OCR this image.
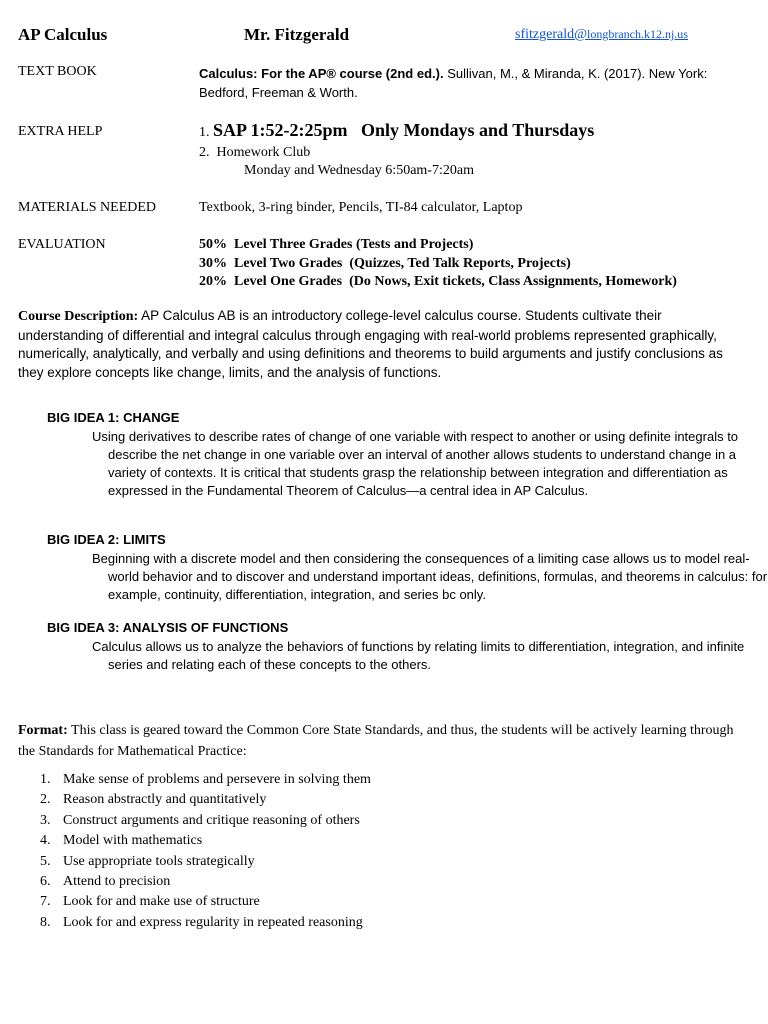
AP Calculus	Mr. Fitzgerald	sfitzgerald@longbranch.k12.nj.us
TEXT BOOK	Calculus: For the AP® course (2nd ed.). Sullivan, M., & Miranda, K. (2017). New York: Bedford, Freeman & Worth.
EXTRA HELP	1. SAP 1:52-2:25pm   Only Mondays and Thursdays
2.  Homework Club
Monday and Wednesday 6:50am-7:20am
MATERIALS NEEDED	Textbook, 3-ring binder, Pencils, TI-84 calculator, Laptop
EVALUATION	50%  Level Three Grades (Tests and Projects)
30%  Level Two Grades  (Quizzes, Ted Talk Reports, Projects)
20%  Level One Grades  (Do Nows, Exit tickets, Class Assignments, Homework)
Course Description: AP Calculus AB is an introductory college-level calculus course. Students cultivate their understanding of differential and integral calculus through engaging with real-world problems represented graphically, numerically, analytically, and verbally and using definitions and theorems to build arguments and justify conclusions as they explore concepts like change, limits, and the analysis of functions.
BIG IDEA 1: CHANGE
Using derivatives to describe rates of change of one variable with respect to another or using definite integrals to describe the net change in one variable over an interval of another allows students to understand change in a variety of contexts. It is critical that students grasp the relationship between integration and differentiation as expressed in the Fundamental Theorem of Calculus—a central idea in AP Calculus.
BIG IDEA 2: LIMITS
Beginning with a discrete model and then considering the consequences of a limiting case allows us to model real-world behavior and to discover and understand important ideas, definitions, formulas, and theorems in calculus: for example, continuity, differentiation, integration, and series bc only.
BIG IDEA 3: ANALYSIS OF FUNCTIONS
Calculus allows us to analyze the behaviors of functions by relating limits to differentiation, integration, and infinite series and relating each of these concepts to the others.
Format: This class is geared toward the Common Core State Standards, and thus, the students will be actively learning through the Standards for Mathematical Practice:
1. Make sense of problems and persevere in solving them
2. Reason abstractly and quantitatively
3. Construct arguments and critique reasoning of others
4. Model with mathematics
5. Use appropriate tools strategically
6. Attend to precision
7. Look for and make use of structure
8. Look for and express regularity in repeated reasoning
